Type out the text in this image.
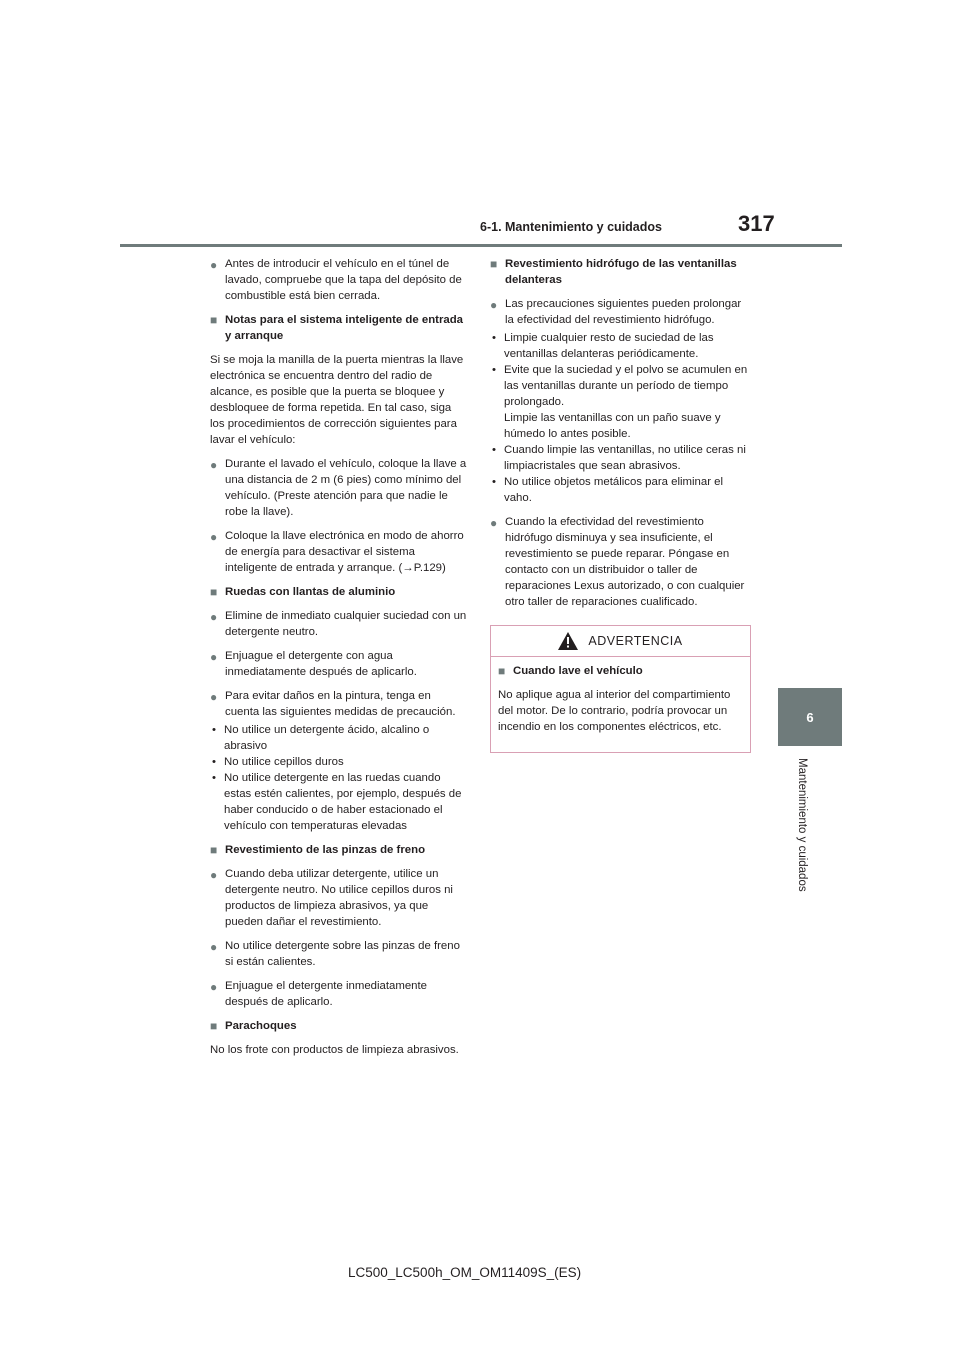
6-1. Mantenimiento y cuidados	317
6
Mantenimiento y cuidados
● Antes de introducir el vehículo en el túnel de lavado, compruebe que la tapa del depósito de combustible está bien cerrada.
■ Notas para el sistema inteligente de entrada y arranque
Si se moja la manilla de la puerta mientras la llave electrónica se encuentra dentro del radio de alcance, es posible que la puerta se bloquee y desbloquee de forma repetida. En tal caso, siga los procedimientos de corrección siguientes para lavar el vehículo:
● Durante el lavado el vehículo, coloque la llave a una distancia de 2 m (6 pies) como mínimo del vehículo. (Preste atención para que nadie le robe la llave).
● Coloque la llave electrónica en modo de ahorro de energía para desactivar el sistema inteligente de entrada y arranque. (→P.129)
■ Ruedas con llantas de aluminio
● Elimine de inmediato cualquier suciedad con un detergente neutro.
● Enjuague el detergente con agua inmediatamente después de aplicarlo.
● Para evitar daños en la pintura, tenga en cuenta las siguientes medidas de precaución.
• No utilice un detergente ácido, alcalino o abrasivo
• No utilice cepillos duros
• No utilice detergente en las ruedas cuando estas estén calientes, por ejemplo, después de haber conducido o de haber estacionado el vehículo con temperaturas elevadas
■ Revestimiento de las pinzas de freno
● Cuando deba utilizar detergente, utilice un detergente neutro. No utilice cepillos duros ni productos de limpieza abrasivos, ya que pueden dañar el revestimiento.
● No utilice detergente sobre las pinzas de freno si están calientes.
● Enjuague el detergente inmediatamente después de aplicarlo.
■ Parachoques
No los frote con productos de limpieza abrasivos.
■ Revestimiento hidrófugo de las ventanillas delanteras
● Las precauciones siguientes pueden prolongar la efectividad del revestimiento hidrófugo.
• Limpie cualquier resto de suciedad de las ventanillas delanteras periódicamente.
• Evite que la suciedad y el polvo se acumulen en las ventanillas durante un período de tiempo prolongado.
Limpie las ventanillas con un paño suave y húmedo lo antes posible.
• Cuando limpie las ventanillas, no utilice ceras ni limpiacristales que sean abrasivos.
• No utilice objetos metálicos para eliminar el vaho.
● Cuando la efectividad del revestimiento hidrófugo disminuya y sea insuficiente, el revestimiento se puede reparar. Póngase en contacto con un distribuidor o taller de reparaciones Lexus autorizado, o con cualquier otro taller de reparaciones cualificado.
ADVERTENCIA
■ Cuando lave el vehículo
No aplique agua al interior del compartimiento del motor. De lo contrario, podría provocar un incendio en los componentes eléctricos, etc.
LC500_LC500h_OM_OM11409S_(ES)
